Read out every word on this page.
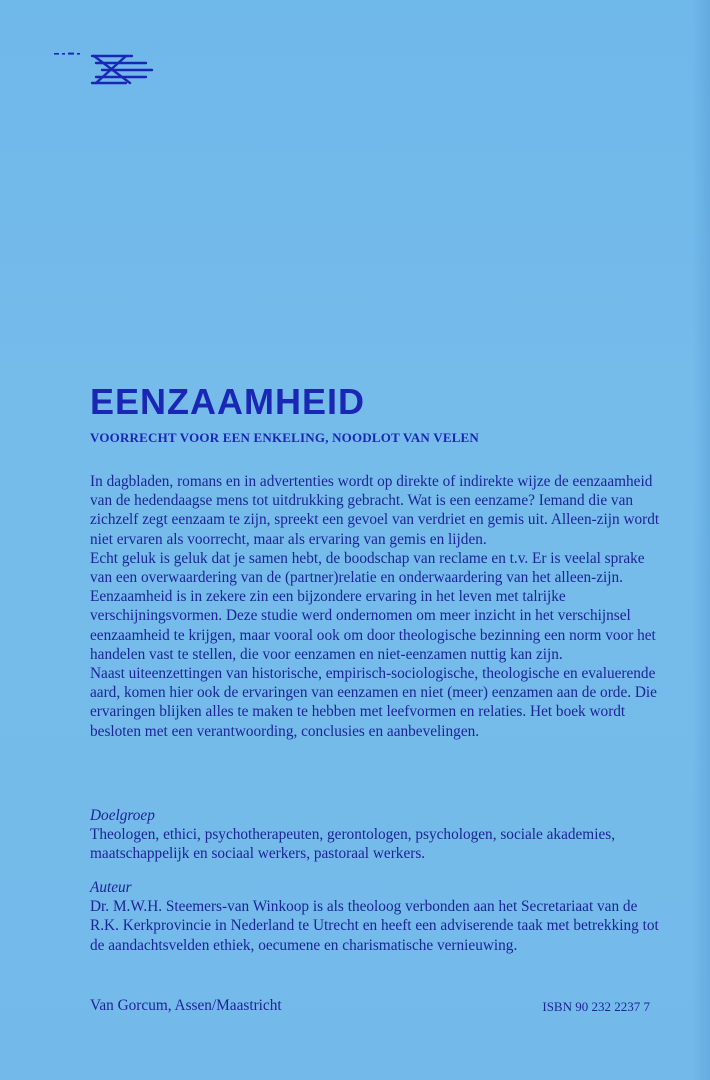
EENZAAMHEID
VOORRECHT VOOR EEN ENKELING, NOODLOT VAN VELEN

In dagbladen, romans en in advertenties wordt op direkte of indirekte wijze de eenzaamheid van de hedendaagse mens tot uitdrukking gebracht. Wat is een eenzame? Iemand die van zichzelf zegt eenzaam te zijn, spreekt een gevoel van verdriet en gemis uit. Alleen-zijn wordt niet ervaren als voorrecht, maar als ervaring van gemis en lijden.

Echt geluk is geluk dat je samen hebt, de boodschap van reclame en t.v. Er is veelal sprake van een overwaardering van de (partner)relatie en onderwaardering van het alleen-zijn.

Eenzaamheid is in zekere zin een bijzondere ervaring in het leven met talrijke verschijningsvormen. Deze studie werd ondernomen om meer inzicht in het verschijnsel eenzaamheid te krijgen, maar vooral ook om door theologische bezinning een norm voor het handelen vast te stellen, die voor eenzamen en niet-eenzamen nuttig kan zijn.

Naast uiteenzettingen van historische, empirisch-sociologische, theologische en evaluerende aard, komen hier ook de ervaringen van eenzamen en niet (meer) eenzamen aan de orde. Die ervaringen blijken alles te maken te hebben met leefvormen en relaties. Het boek wordt besloten met een verantwoording, conclusies en aanbevelingen.

Doelgroep

Theologen, ethici, psychotherapeuten, gerontologen, psychologen, sociale akademies, maatschappelijk en sociaal werkers, pastoraal werkers.

Auteur

Dr. M.W.H. Steemers-van Winkoop is als theoloog verbonden aan het Secretariaat van de R.K. Kerkprovincie in Nederland te Utrecht en heeft een adviserende taak met betrekking tot de aandachtsvelden ethiek, oecumene en charismatische vernieuwing.

Van Gorcum, Assen/Maastricht	ISBN 90 232 2237 7
